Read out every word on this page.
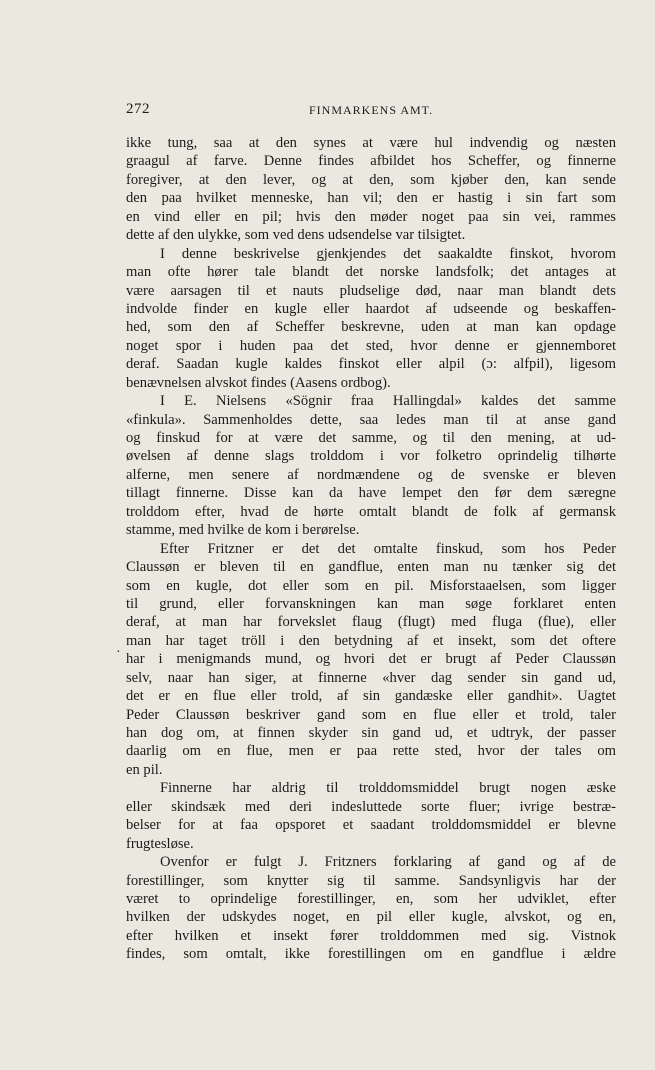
272	FINMARKENS AMT.
·
ikke tung, saa at den synes at være hul indvendig og næsten
graagul af farve. Denne findes afbildet hos Scheffer, og finnerne
foregiver, at den lever, og at den, som kjøber den, kan sende
den paa hvilket menneske, han vil; den er hastig i sin fart som
en vind eller en pil; hvis den møder noget paa sin vei, rammes
dette af den ulykke, som ved dens udsendelse var tilsigtet.
I denne beskrivelse gjenkjendes det saakaldte finskot, hvorom
man ofte hører tale blandt det norske landsfolk; det antages at
være aarsagen til et nauts pludselige død, naar man blandt dets
indvolde finder en kugle eller haardot af udseende og beskaffen-
hed, som den af Scheffer beskrevne, uden at man kan opdage
noget spor i huden paa det sted, hvor denne er gjennemboret
deraf. Saadan kugle kaldes finskot eller alpil (ɔ: alfpil), ligesom
benævnelsen alvskot findes (Aasens ordbog).
I E. Nielsens «Sögnir fraa Hallingdal» kaldes det samme
«finkula». Sammenholdes dette, saa ledes man til at anse gand
og finskud for at være det samme, og til den mening, at ud-
øvelsen af denne slags trolddom i vor folketro oprindelig tilhørte
alferne, men senere af nordmændene og de svenske er bleven
tillagt finnerne. Disse kan da have lempet den før dem særegne
trolddom efter, hvad de hørte omtalt blandt de folk af germansk
stamme, med hvilke de kom i berørelse.
Efter Fritzner er det det omtalte finskud, som hos Peder
Claussøn er bleven til en gandflue, enten man nu tænker sig det
som en kugle, dot eller som en pil. Misforstaaelsen, som ligger
til grund, eller forvanskningen kan man søge forklaret enten
deraf, at man har forvekslet flaug (flugt) med fluga (flue), eller
man har taget tröll i den betydning af et insekt, som det oftere
har i menigmands mund, og hvori det er brugt af Peder Claussøn
selv, naar han siger, at finnerne «hver dag sender sin gand ud,
det er en flue eller trold, af sin gandæske eller gandhit». Uagtet
Peder Claussøn beskriver gand som en flue eller et trold, taler
han dog om, at finnen skyder sin gand ud, et udtryk, der passer
daarlig om en flue, men er paa rette sted, hvor der tales om
en pil.
Finnerne har aldrig til trolddomsmiddel brugt nogen æske
eller skindsæk med deri indesluttede sorte fluer; ivrige bestræ-
belser for at faa opsporet et saadant trolddomsmiddel er blevne
frugtesløse.
Ovenfor er fulgt J. Fritzners forklaring af gand og af de
forestillinger, som knytter sig til samme. Sandsynligvis har der
været to oprindelige forestillinger, en, som her udviklet, efter
hvilken der udskydes noget, en pil eller kugle, alvskot, og en,
efter hvilken et insekt fører trolddommen med sig. Vistnok
findes, som omtalt, ikke forestillingen om en gandflue i ældre
